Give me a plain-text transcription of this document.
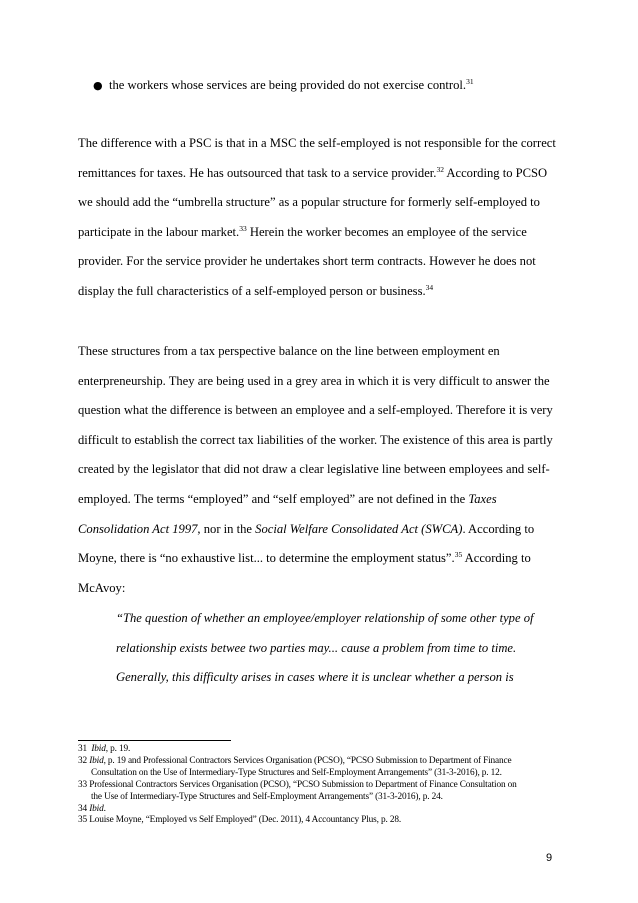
● the workers whose services are being provided do not exercise control.$^{31}$

The difference with a PSC is that in a MSC the self-employed is not responsible for the correct remittances for taxes. He has outsourced that task to a service provider.$^{32}$ According to PCSO we should add the “umbrella structure” as a popular structure for formerly self-employed to participate in the labour market.$^{33}$ Herein the worker becomes an employee of the service provider. For the service provider he undertakes short term contracts. However he does not display the full characteristics of a self-employed person or business.$^{34}$

These structures from a tax perspective balance on the line between employment en enterpreneurship. They are being used in a grey area in which it is very difficult to answer the question what the difference is between an employee and a self-employed. Therefore it is very difficult to establish the correct tax liabilities of the worker. The existence of this area is partly created by the legislator that did not draw a clear legislative line between employees and self-employed. The terms “employed” and “self employed” are not defined in the Taxes Consolidation Act 1997, nor in the Social Welfare Consolidated Act (SWCA). According to Moyne, there is “no exhaustive list... to determine the employment status”.$^{35}$ According to McAvoy:

“The question of whether an employee/employer relationship of some other type of relationship exists betwee two parties may... cause a problem from time to time. Generally, this difficulty arises in cases where it is unclear whether a person is

31 Ibid, p. 19.

32 Ibid, p. 19 and Professional Contractors Services Organisation (PCSO), “PCSO Submission to Department of Finance

Consultation on the Use of Intermediary-Type Structures and Self-Employment Arrangements” (31-3-2016), p. 12.

33 Professional Contractors Services Organisation (PCSO), “PCSO Submission to Department of Finance Consultation on

the Use of Intermediary-Type Structures and Self-Employment Arrangements” (31-3-2016), p. 24.

34 Ibid.

35 Louise Moyne, “Employed vs Self Employed” (Dec. 2011), 4 Accountancy Plus, p. 28.

9
